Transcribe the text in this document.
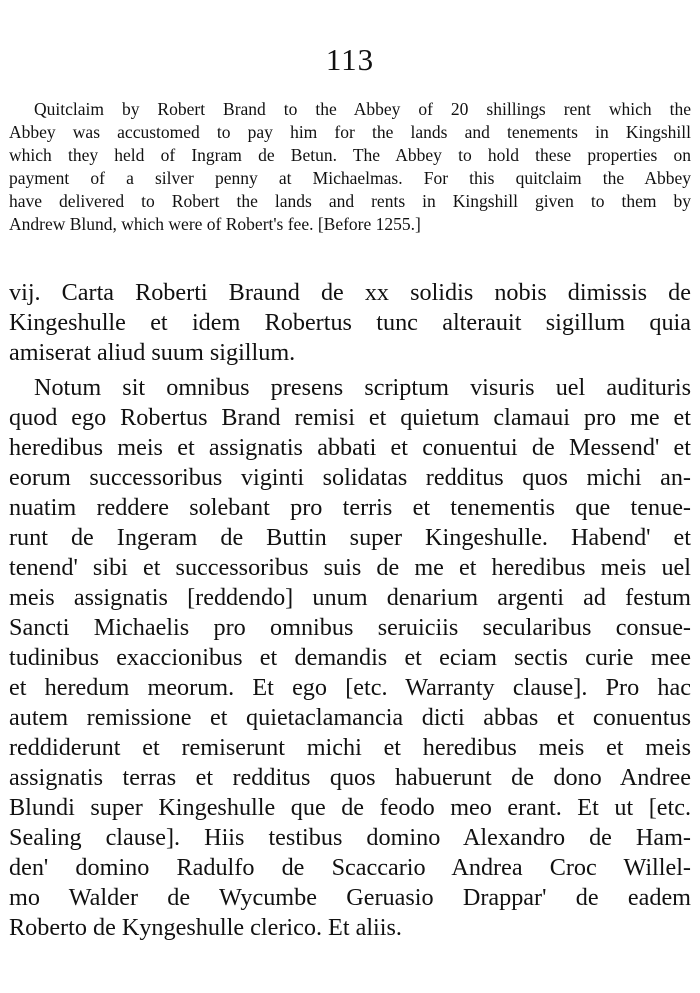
113
Quitclaim by Robert Brand to the Abbey of 20 shillings rent which the
Abbey was accustomed to pay him for the lands and tenements in Kingshill
which they held of Ingram de Betun. The Abbey to hold these properties on
payment of a silver penny at Michaelmas. For this quitclaim the Abbey
have delivered to Robert the lands and rents in Kingshill given to them by
Andrew Blund, which were of Robert's fee. [Before 1255.]
vij. Carta Roberti Braund de xx solidis nobis dimissis de
Kingeshulle et idem Robertus tunc alterauit sigillum quia
amiserat aliud suum sigillum.
Notum sit omnibus presens scriptum visuris uel audituris
quod ego Robertus Brand remisi et quietum clamaui pro me et
heredibus meis et assignatis abbati et conuentui de Messend' et
eorum successoribus viginti solidatas redditus quos michi an-
nuatim reddere solebant pro terris et tenementis que tenue-
runt de Ingeram de Buttin super Kingeshulle. Habend' et
tenend' sibi et successoribus suis de me et heredibus meis uel
meis assignatis [reddendo] unum denarium argenti ad festum
Sancti Michaelis pro omnibus seruiciis secularibus consue-
tudinibus exaccionibus et demandis et eciam sectis curie mee
et heredum meorum. Et ego [etc. Warranty clause]. Pro hac
autem remissione et quietaclamancia dicti abbas et conuentus
reddiderunt et remiserunt michi et heredibus meis et meis
assignatis terras et redditus quos habuerunt de dono Andree
Blundi super Kingeshulle que de feodo meo erant. Et ut [etc.
Sealing clause]. Hiis testibus domino Alexandro de Ham-
den' domino Radulfo de Scaccario Andrea Croc Willel-
mo Walder de Wycumbe Geruasio Drappar' de eadem
Roberto de Kyngeshulle clerico. Et aliis.
